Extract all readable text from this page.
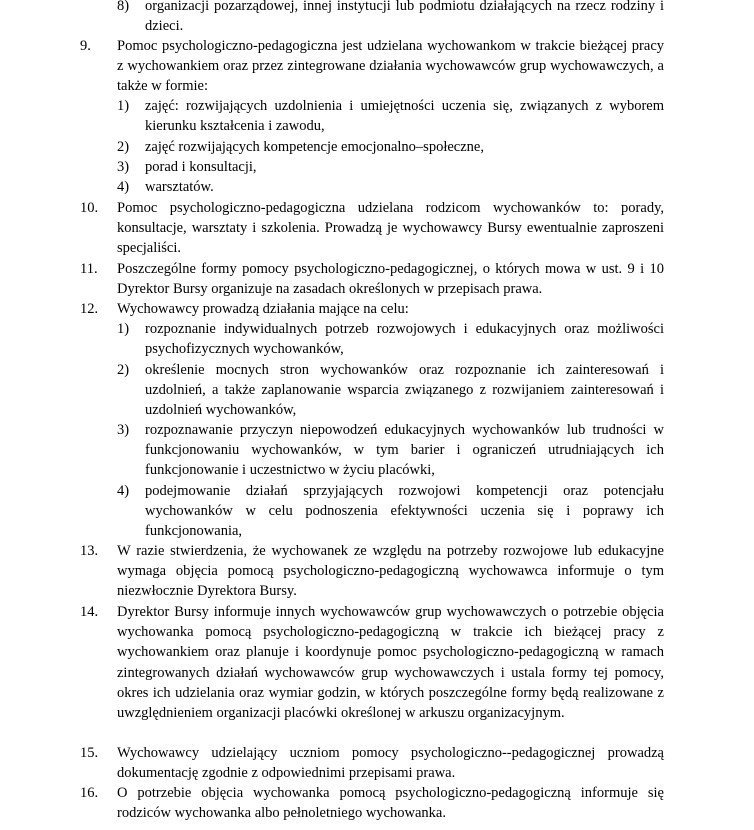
8) organizacji pozarządowej, innej instytucji lub podmiotu działających na rzecz rodziny i dzieci.
9. Pomoc psychologiczno-pedagogiczna jest udzielana wychowankom w trakcie bieżącej pracy z wychowankiem oraz przez zintegrowane działania wychowawców grup wychowawczych, a także w formie:
1) zajęć: rozwijających uzdolnienia i umiejętności uczenia się, związanych z wyborem kierunku kształcenia i zawodu,
2) zajęć rozwijających kompetencje emocjonalno–społeczne,
3) porad i konsultacji,
4) warsztatów.
10. Pomoc psychologiczno-pedagogiczna udzielana rodzicom wychowanków to: porady, konsultacje, warsztaty i szkolenia. Prowadzą je wychowawcy Bursy ewentualnie zaproszeni specjaliści.
11. Poszczególne formy pomocy psychologiczno-pedagogicznej, o których mowa w ust. 9 i 10 Dyrektor Bursy organizuje na zasadach określonych w przepisach prawa.
12. Wychowawcy prowadzą działania mające na celu:
1) rozpoznanie indywidualnych potrzeb rozwojowych i edukacyjnych oraz możliwości psychofizycznych wychowanków,
2) określenie mocnych stron wychowanków oraz rozpoznanie ich zainteresowań i uzdolnień, a także zaplanowanie wsparcia związanego z rozwijaniem zainteresowań i uzdolnień wychowanków,
3) rozpoznawanie przyczyn niepowodzeń edukacyjnych wychowanków lub trudności w funkcjonowaniu wychowanków, w tym barier i ograniczeń utrudniających ich funkcjonowanie i uczestnictwo w życiu placówki,
4) podejmowanie działań sprzyjających rozwojowi kompetencji oraz potencjału wychowanków w celu podnoszenia efektywności uczenia się i poprawy ich funkcjonowania,
13. W razie stwierdzenia, że wychowanek ze względu na potrzeby rozwojowe lub edukacyjne wymaga objęcia pomocą psychologiczno-pedagogiczną wychowawca informuje o tym niezwłocznie Dyrektora Bursy.
14. Dyrektor Bursy informuje innych wychowawców grup wychowawczych o potrzebie objęcia wychowanka pomocą psychologiczno-pedagogiczną w trakcie ich bieżącej pracy z wychowankiem oraz planuje i koordynuje pomoc psychologiczno-pedagogiczną w ramach zintegrowanych działań wychowawców grup wychowawczych i ustala formy tej pomocy, okres ich udzielania oraz wymiar godzin, w których poszczególne formy będą realizowane z uwzględnieniem organizacji placówki określonej w arkuszu organizacyjnym.
15. Wychowawcy udzielający uczniom pomocy psychologiczno--pedagogicznej prowadzą dokumentację zgodnie z odpowiednimi przepisami prawa.
16. O potrzebie objęcia wychowanka pomocą psychologiczno-pedagogiczną informuje się rodziców wychowanka albo pełnoletniego wychowanka.
